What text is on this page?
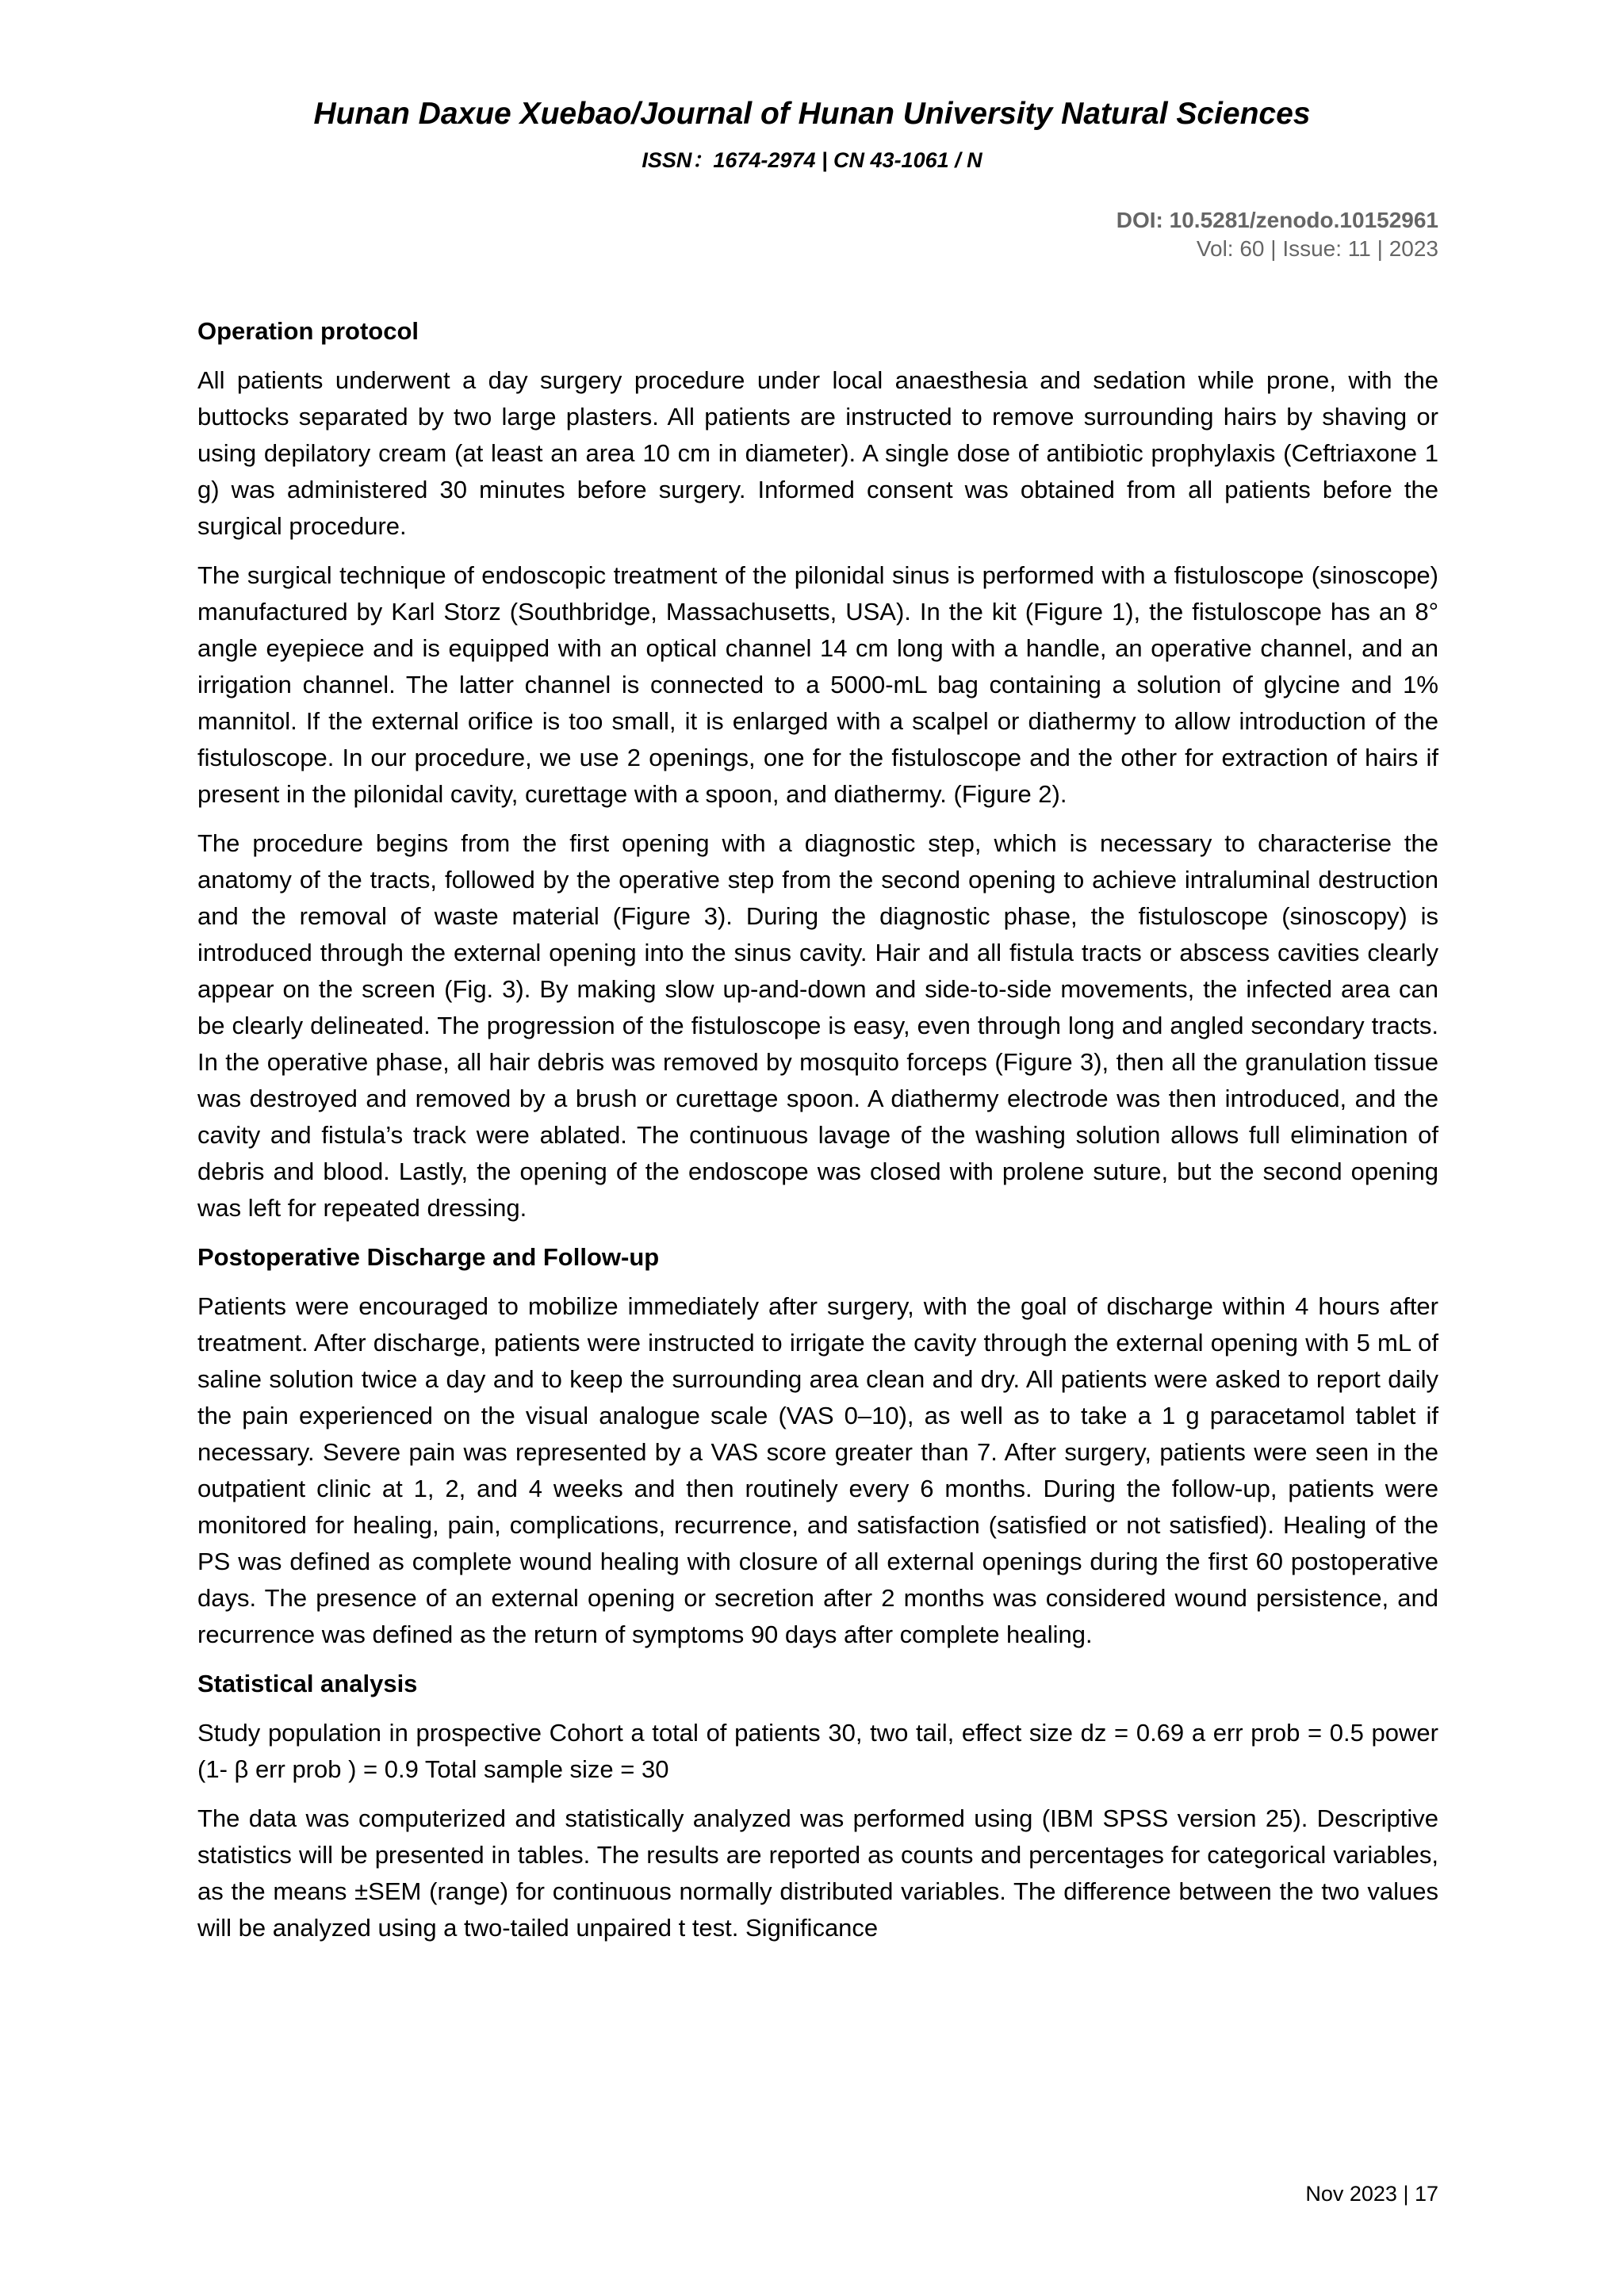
Hunan Daxue Xuebao/Journal of Hunan University Natural Sciences
ISSN：1674-2974 | CN 43-1061 / N
DOI: 10.5281/zenodo.10152961
Vol: 60 | Issue: 11 | 2023
Operation protocol

All patients underwent a day surgery procedure under local anaesthesia and sedation while prone, with the buttocks separated by two large plasters. All patients are instructed to remove surrounding hairs by shaving or using depilatory cream (at least an area 10 cm in diameter). A single dose of antibiotic prophylaxis (Ceftriaxone 1 g) was administered 30 minutes before surgery. Informed consent was obtained from all patients before the surgical procedure.

The surgical technique of endoscopic treatment of the pilonidal sinus is performed with a fistuloscope (sinoscope) manufactured by Karl Storz (Southbridge, Massachusetts, USA). In the kit (Figure 1), the fistuloscope has an 8° angle eyepiece and is equipped with an optical channel 14 cm long with a handle, an operative channel, and an irrigation channel. The latter channel is connected to a 5000-mL bag containing a solution of glycine and 1% mannitol. If the external orifice is too small, it is enlarged with a scalpel or diathermy to allow introduction of the fistuloscope. In our procedure, we use 2 openings, one for the fistuloscope and the other for extraction of hairs if present in the pilonidal cavity, curettage with a spoon, and diathermy. (Figure 2).

The procedure begins from the first opening with a diagnostic step, which is necessary to characterise the anatomy of the tracts, followed by the operative step from the second opening to achieve intraluminal destruction and the removal of waste material (Figure 3). During the diagnostic phase, the fistuloscope (sinoscopy) is introduced through the external opening into the sinus cavity. Hair and all fistula tracts or abscess cavities clearly appear on the screen (Fig. 3). By making slow up-and-down and side-to-side movements, the infected area can be clearly delineated. The progression of the fistuloscope is easy, even through long and angled secondary tracts. In the operative phase, all hair debris was removed by mosquito forceps (Figure 3), then all the granulation tissue was destroyed and removed by a brush or curettage spoon. A diathermy electrode was then introduced, and the cavity and fistula’s track were ablated. The continuous lavage of the washing solution allows full elimination of debris and blood. Lastly, the opening of the endoscope was closed with prolene suture, but the second opening was left for repeated dressing.

Postoperative Discharge and Follow-up

Patients were encouraged to mobilize immediately after surgery, with the goal of discharge within 4 hours after treatment. After discharge, patients were instructed to irrigate the cavity through the external opening with 5 mL of saline solution twice a day and to keep the surrounding area clean and dry. All patients were asked to report daily the pain experienced on the visual analogue scale (VAS 0–10), as well as to take a 1 g paracetamol tablet if necessary. Severe pain was represented by a VAS score greater than 7. After surgery, patients were seen in the outpatient clinic at 1, 2, and 4 weeks and then routinely every 6 months. During the follow-up, patients were monitored for healing, pain, complications, recurrence, and satisfaction (satisfied or not satisfied). Healing of the PS was defined as complete wound healing with closure of all external openings during the first 60 postoperative days. The presence of an external opening or secretion after 2 months was considered wound persistence, and recurrence was defined as the return of symptoms 90 days after complete healing.

Statistical analysis

Study population in prospective Cohort a total of patients 30, two tail, effect size dz = 0.69 a err prob = 0.5 power (1- β err prob ) = 0.9 Total sample size = 30

The data was computerized and statistically analyzed was performed using (IBM SPSS version 25). Descriptive statistics will be presented in tables. The results are reported as counts and percentages for categorical variables, as the means ±SEM (range) for continuous normally distributed variables. The difference between the two values will be analyzed using a two-tailed unpaired t test. Significance

Nov 2023 | 17
